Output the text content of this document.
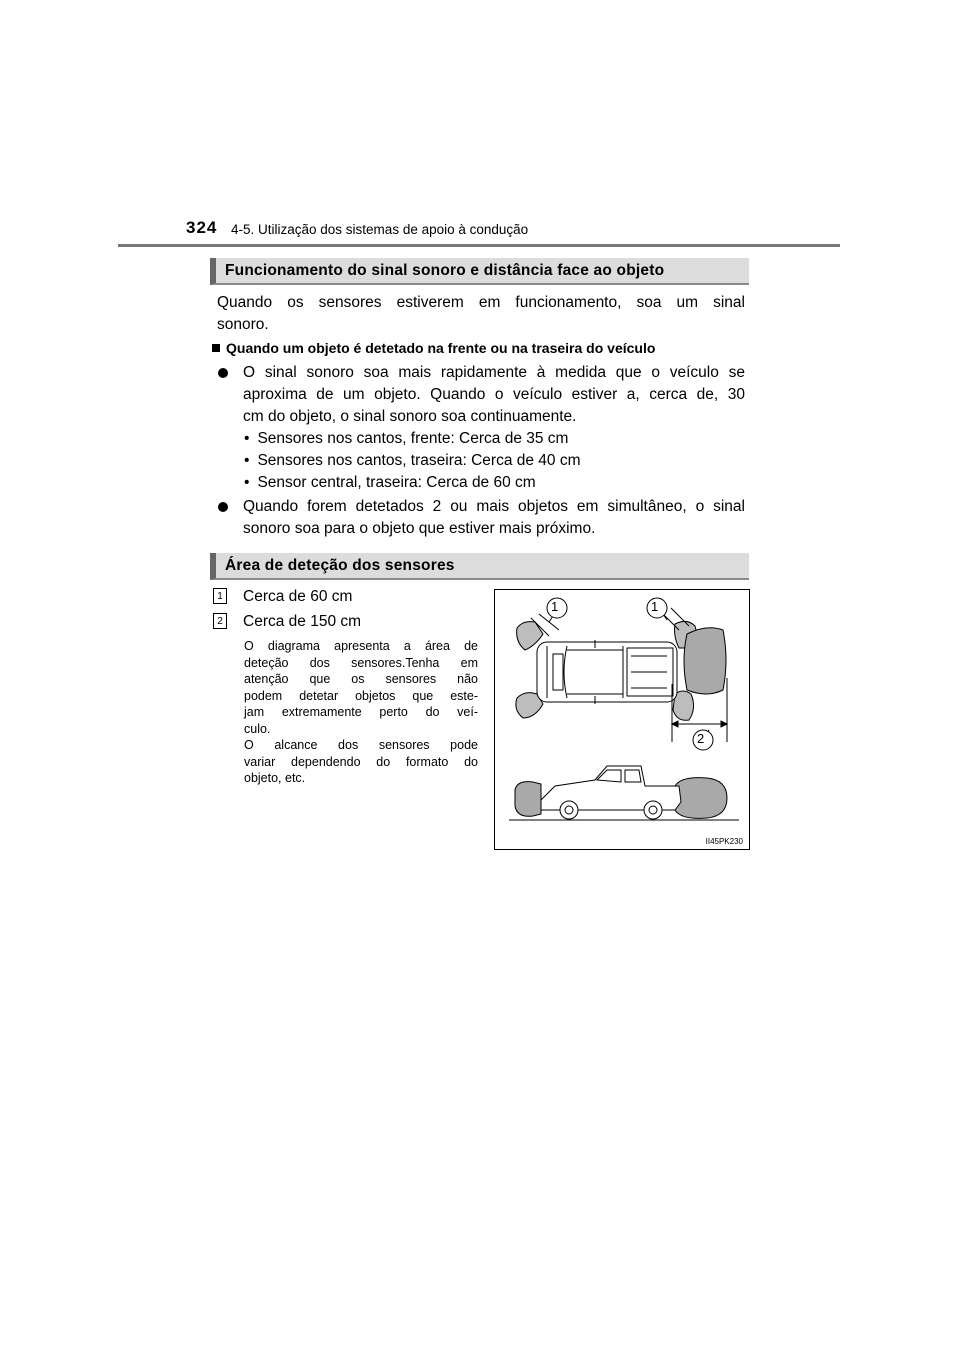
324 4-5. Utilização dos sistemas de apoio à condução
Funcionamento do sinal sonoro e distância face ao objeto
Quando os sensores estiverem em funcionamento, soa um sinal
sonoro.
Quando um objeto é detetado na frente ou na traseira do veículo
O sinal sonoro soa mais rapidamente à medida que o veículo se
aproxima de um objeto. Quando o veículo estiver a, cerca de, 30
cm do objeto, o sinal sonoro soa continuamente.
• Sensores nos cantos, frente: Cerca de 35 cm
• Sensores nos cantos, traseira: Cerca de 40 cm
• Sensor central, traseira: Cerca de 60 cm
Quando forem detetados 2 ou mais objetos em simultâneo, o sinal
sonoro soa para o objeto que estiver mais próximo.
Área de deteção dos sensores
1 Cerca de 60 cm
2 Cerca de 150 cm
O diagrama apresenta a área de
deteção dos sensores.Tenha em
atenção que os sensores não
podem detetar objetos que este-
jam extremamente perto do veí-
culo.
O alcance dos sensores pode
variar dependendo do formato do
objeto, etc.
1	1
2
II45PK230
